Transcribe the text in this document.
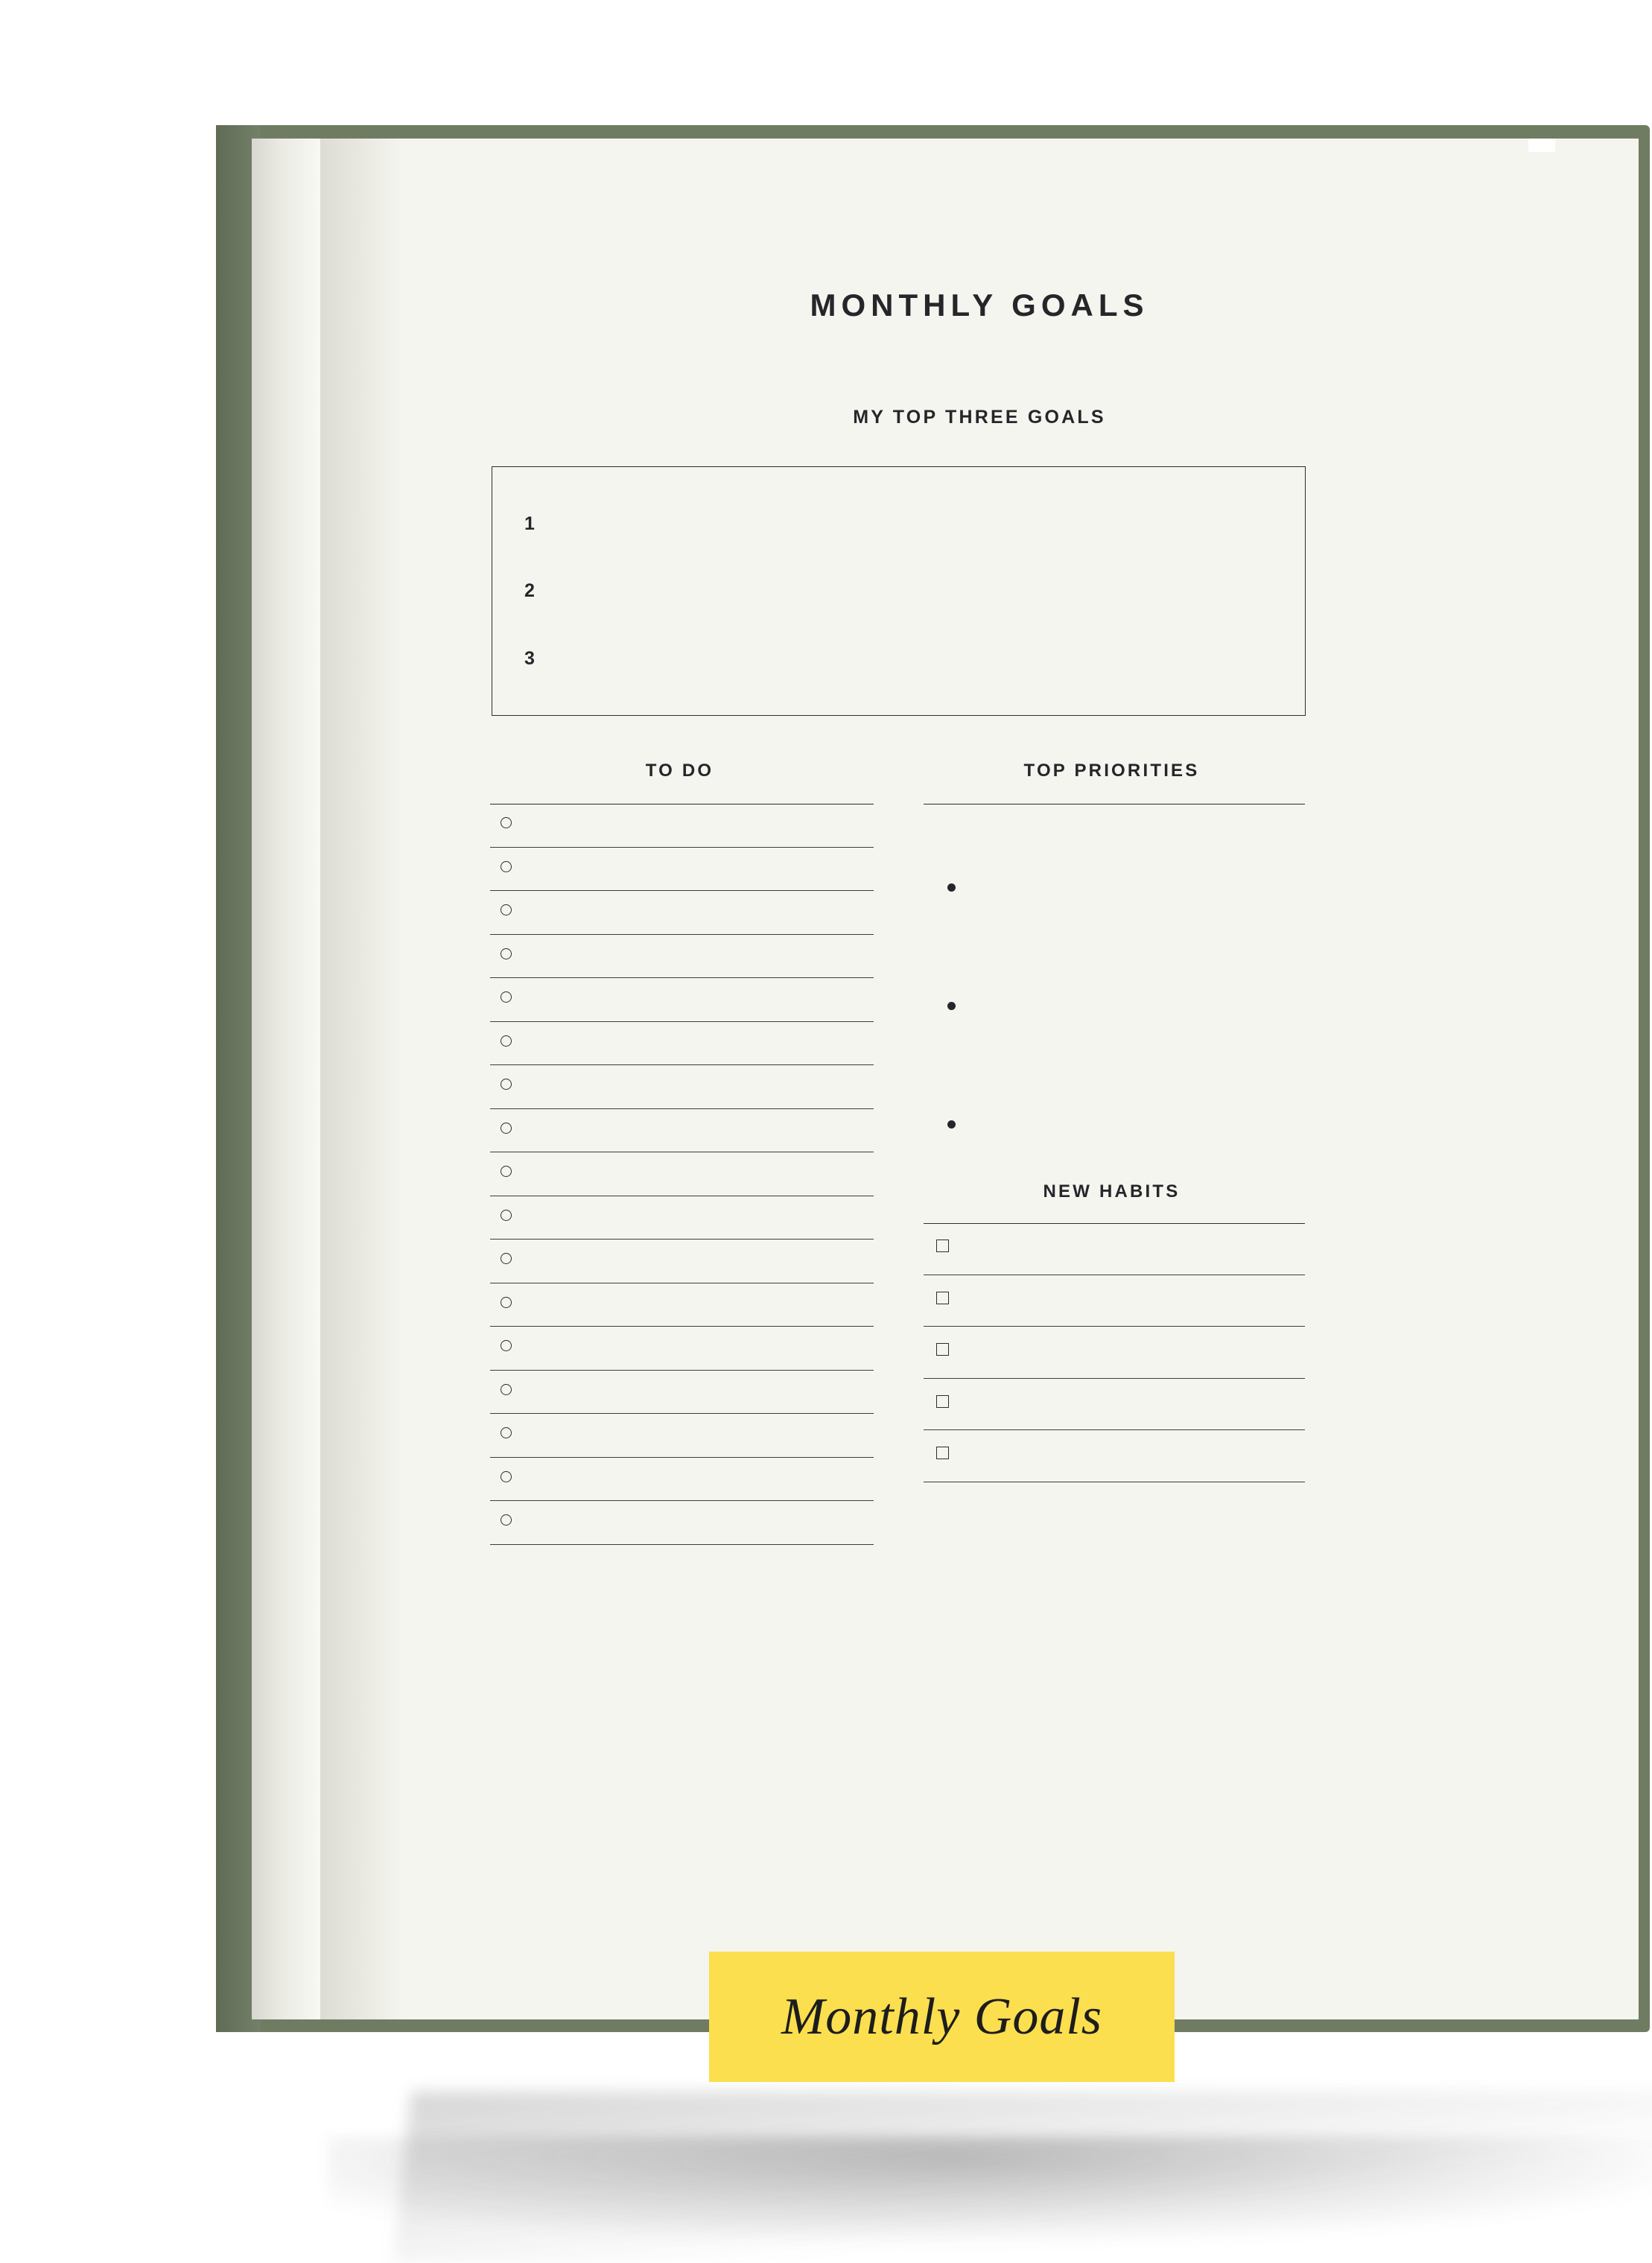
MONTHLY GOALS
MY TOP THREE GOALS
1
2
3
TO DO	TOP PRIORITIES
NEW HABITS
Monthly Goals
